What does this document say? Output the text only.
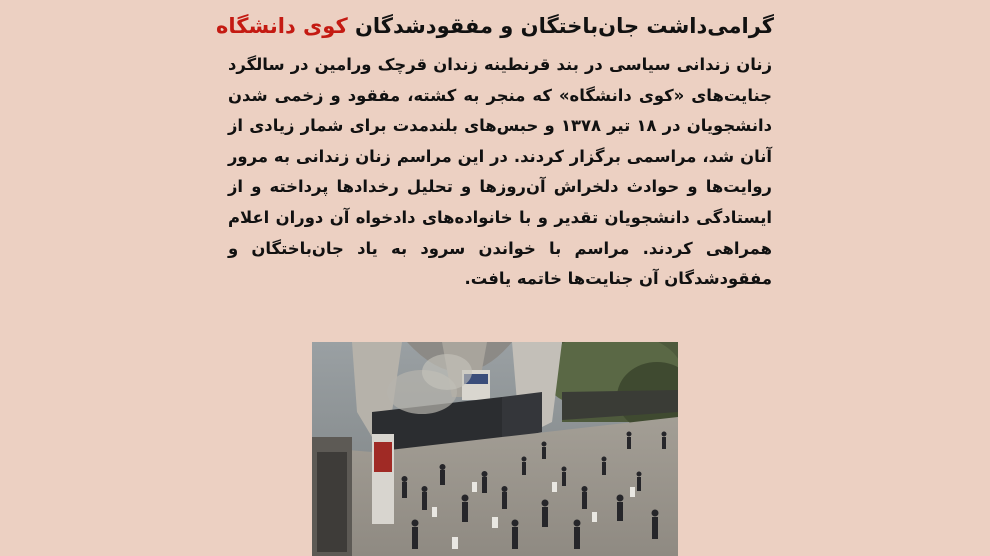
گرامی‌داشت جان‌باختگان و مفقودشدگان کوی دانشگاه
زنان زندانی سیاسی در بند قرنطینه زندان قرچک ورامین در سالگرد جنایت‌های «کوی دانشگاه» که منجر به کشته، مفقود و زخمی شدن دانشجویان در ۱۸ تیر ۱۳۷۸ و حبس‌های بلندمدت برای شمار زیادی از آنان شد، مراسمی برگزار کردند. در این مراسم زنان زندانی به مرور روایت‌ها و حوادث دلخراش آن‌روزها و تحلیل رخدادها پرداخته و از ایستادگی دانشجویان تقدیر و با خانواده‌های دادخواه آن دوران اعلام همراهی کردند. مراسم با خواندن سرود به یاد جان‌باختگان و مفقودشدگان آن جنایت‌ها خاتمه یافت.
